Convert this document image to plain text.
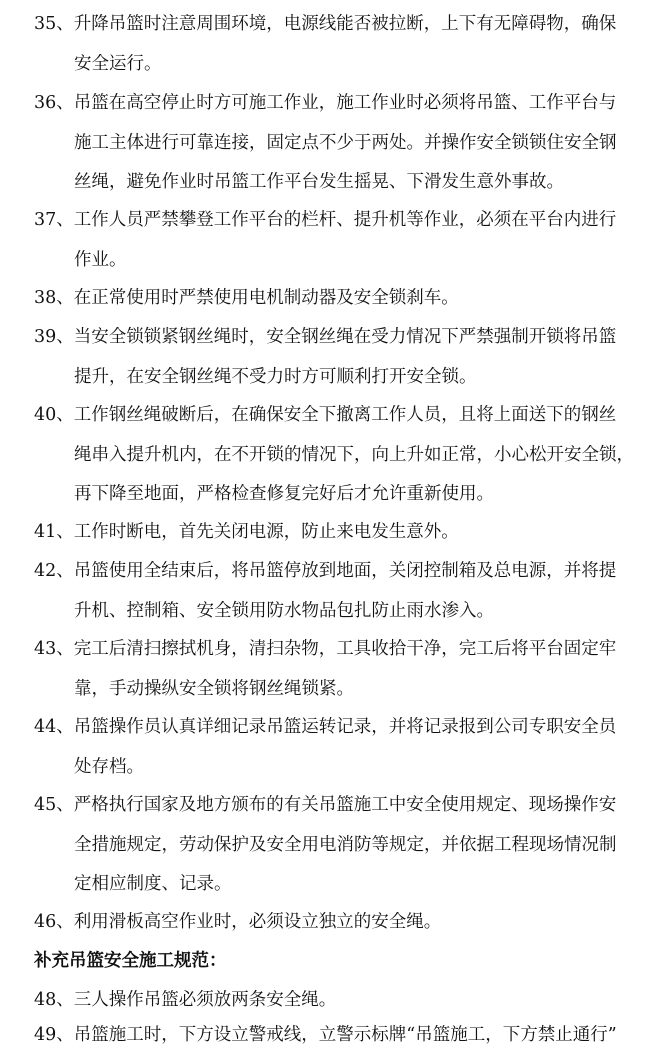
35、升降吊篮时注意周围环境，电源线能否被拉断，上下有无障碍物，确保
安全运行。
36、吊篮在高空停止时方可施工作业，施工作业时必须将吊篮、工作平台与
施工主体进行可靠连接，固定点不少于两处。并操作安全锁锁住安全钢
丝绳，避免作业时吊篮工作平台发生摇晃、下滑发生意外事故。
37、工作人员严禁攀登工作平台的栏杆、提升机等作业，必须在平台内进行
作业。
38、在正常使用时严禁使用电机制动器及安全锁刹车。
39、当安全锁锁紧钢丝绳时，安全钢丝绳在受力情况下严禁强制开锁将吊篮
提升，在安全钢丝绳不受力时方可顺利打开安全锁。
40、工作钢丝绳破断后，在确保安全下撤离工作人员，且将上面送下的钢丝
绳串入提升机内，在不开锁的情况下，向上升如正常，小心松开安全锁，
再下降至地面，严格检查修复完好后才允许重新使用。
41、工作时断电，首先关闭电源，防止来电发生意外。
42、吊篮使用全结束后，将吊篮停放到地面，关闭控制箱及总电源，并将提
升机、控制箱、安全锁用防水物品包扎防止雨水渗入。
43、完工后清扫擦拭机身，清扫杂物，工具收拾干净，完工后将平台固定牢
靠，手动操纵安全锁将钢丝绳锁紧。
44、吊篮操作员认真详细记录吊篮运转记录，并将记录报到公司专职安全员
处存档。
45、严格执行国家及地方颁布的有关吊篮施工中安全使用规定、现场操作安
全措施规定，劳动保护及安全用电消防等规定，并依据工程现场情况制
定相应制度、记录。
46、利用滑板高空作业时，必须设立独立的安全绳。
补充吊篮安全施工规范：
48、三人操作吊篮必须放两条安全绳。
49、吊篮施工时，下方设立警戒线，立警示标牌“吊篮施工，下方禁止通行”
